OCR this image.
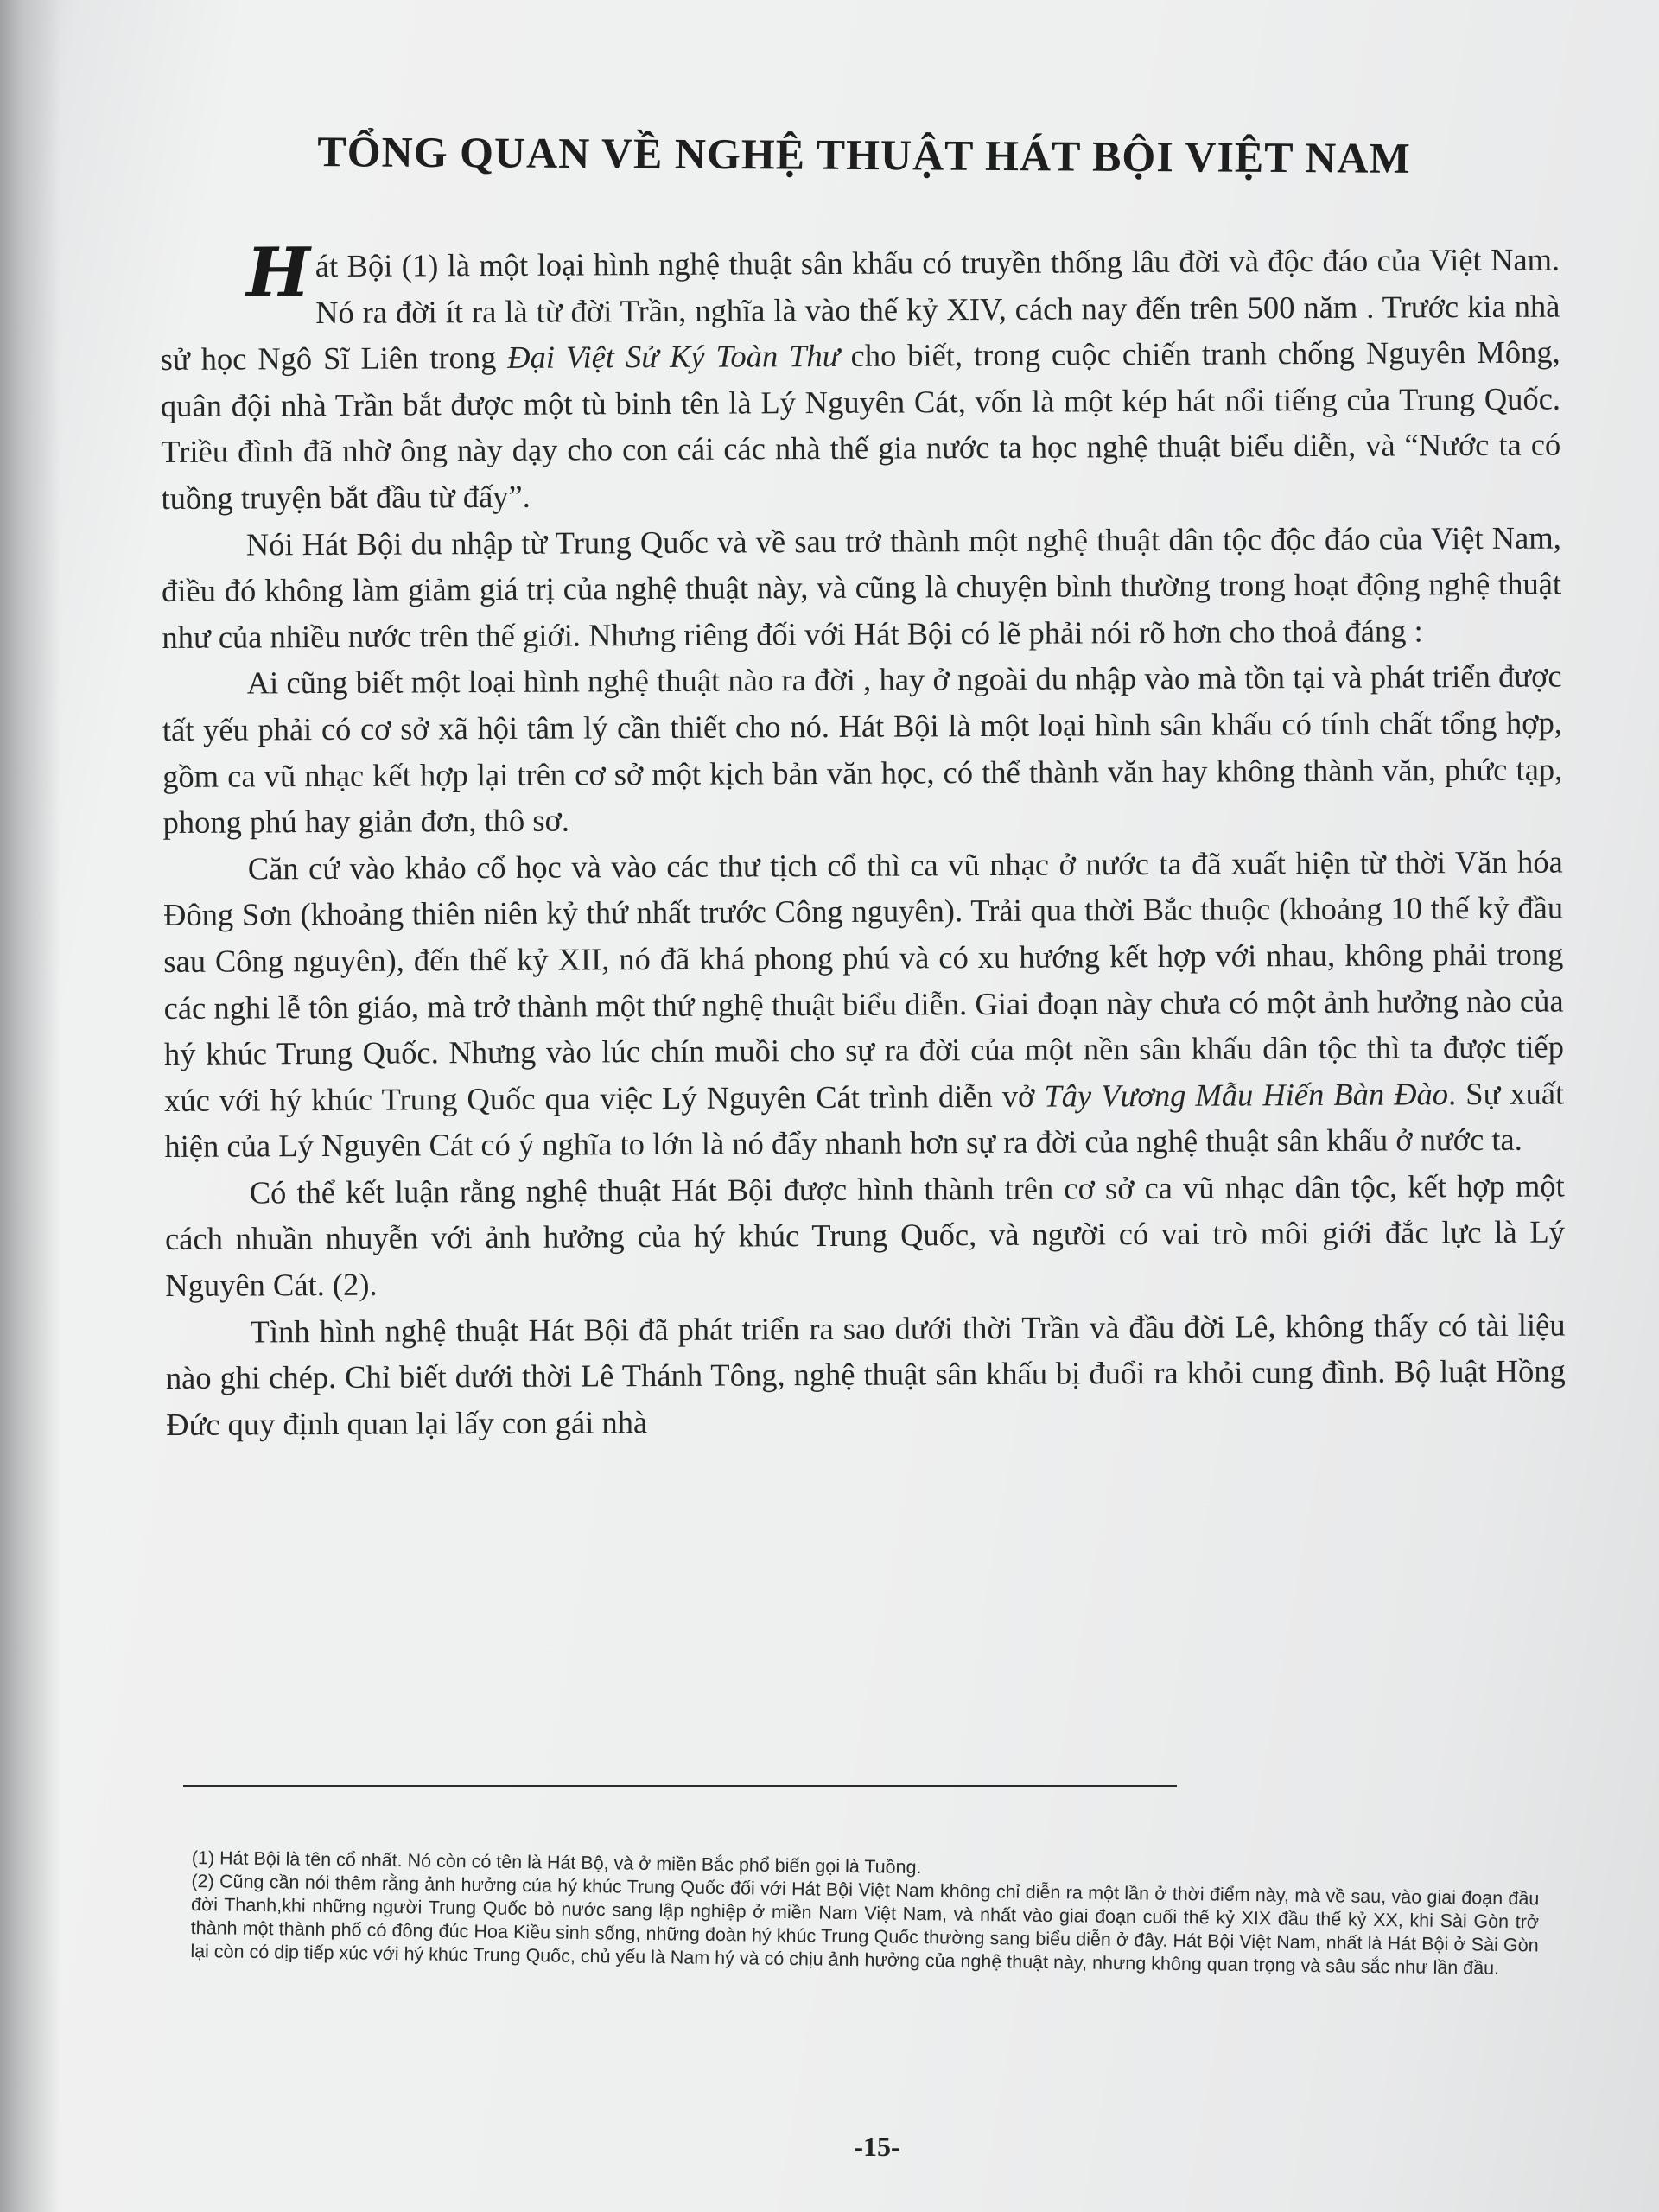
TỔNG QUAN VỀ NGHỆ THUẬT HÁT BỘI VIỆT NAM

Hát Bội (1) là một loại hình nghệ thuật sân khấu có truyền thống lâu đời và độc đáo của Việt Nam. Nó ra đời ít ra là từ đời Trần, nghĩa là vào thế kỷ XIV, cách nay đến trên 500 năm . Trước kia nhà sử học Ngô Sĩ Liên trong Đại Việt Sử Ký Toàn Thư cho biết, trong cuộc chiến tranh chống Nguyên Mông, quân đội nhà Trần bắt được một tù binh tên là Lý Nguyên Cát, vốn là một kép hát nổi tiếng của Trung Quốc. Triều đình đã nhờ ông này dạy cho con cái các nhà thế gia nước ta học nghệ thuật biểu diễn, và “Nước ta có tuồng truyện bắt đầu từ đấy”.

Nói Hát Bội du nhập từ Trung Quốc và về sau trở thành một nghệ thuật dân tộc độc đáo của Việt Nam, điều đó không làm giảm giá trị của nghệ thuật này, và cũng là chuyện bình thường trong hoạt động nghệ thuật như của nhiều nước trên thế giới. Nhưng riêng đối với Hát Bội có lẽ phải nói rõ hơn cho thoả đáng :

Ai cũng biết một loại hình nghệ thuật nào ra đời , hay ở ngoài du nhập vào mà tồn tại và phát triển được tất yếu phải có cơ sở xã hội tâm lý cần thiết cho nó. Hát Bội là một loại hình sân khấu có tính chất tổng hợp, gồm ca vũ nhạc kết hợp lại trên cơ sở một kịch bản văn học, có thể thành văn hay không thành văn, phức tạp, phong phú hay giản đơn, thô sơ.

Căn cứ vào khảo cổ học và vào các thư tịch cổ thì ca vũ nhạc ở nước ta đã xuất hiện từ thời Văn hóa Đông Sơn (khoảng thiên niên kỷ thứ nhất trước Công nguyên). Trải qua thời Bắc thuộc (khoảng 10 thế kỷ đầu sau Công nguyên), đến thế kỷ XII, nó đã khá phong phú và có xu hướng kết hợp với nhau, không phải trong các nghi lễ tôn giáo, mà trở thành một thứ nghệ thuật biểu diễn. Giai đoạn này chưa có một ảnh hưởng nào của hý khúc Trung Quốc. Nhưng vào lúc chín muồi cho sự ra đời của một nền sân khấu dân tộc thì ta được tiếp xúc với hý khúc Trung Quốc qua việc Lý Nguyên Cát trình diễn vở Tây Vương Mẫu Hiến Bàn Đào. Sự xuất hiện của Lý Nguyên Cát có ý nghĩa to lớn là nó đẩy nhanh hơn sự ra đời của nghệ thuật sân khấu ở nước ta.

Có thể kết luận rằng nghệ thuật Hát Bội được hình thành trên cơ sở ca vũ nhạc dân tộc, kết hợp một cách nhuần nhuyễn với ảnh hưởng của hý khúc Trung Quốc, và người có vai trò môi giới đắc lực là Lý Nguyên Cát. (2).

Tình hình nghệ thuật Hát Bội đã phát triển ra sao dưới thời Trần và đầu đời Lê, không thấy có tài liệu nào ghi chép. Chỉ biết dưới thời Lê Thánh Tông, nghệ thuật sân khấu bị đuổi ra khỏi cung đình. Bộ luật Hồng Đức quy định quan lại lấy con gái nhà

(1) Hát Bội là tên cổ nhất. Nó còn có tên là Hát Bộ, và ở miền Bắc phổ biến gọi là Tuồng.

(2) Cũng cần nói thêm rằng ảnh hưởng của hý khúc Trung Quốc đối với Hát Bội Việt Nam không chỉ diễn ra một lần ở thời điểm này, mà về sau, vào giai đoạn đầu đời Thanh,khi những người Trung Quốc bỏ nước sang lập nghiệp ở miền Nam Việt Nam, và nhất vào giai đoạn cuối thế kỷ XIX đầu thế kỷ XX, khi Sài Gòn trở thành một thành phố có đông đúc Hoa Kiều sinh sống, những đoàn hý khúc Trung Quốc thường sang biểu diễn ở đây. Hát Bội Việt Nam, nhất là Hát Bội ở Sài Gòn lại còn có dịp tiếp xúc với hý khúc Trung Quốc, chủ yếu là Nam hý và có chịu ảnh hưởng của nghệ thuật này, nhưng không quan trọng và sâu sắc như lần đầu.

-15-
